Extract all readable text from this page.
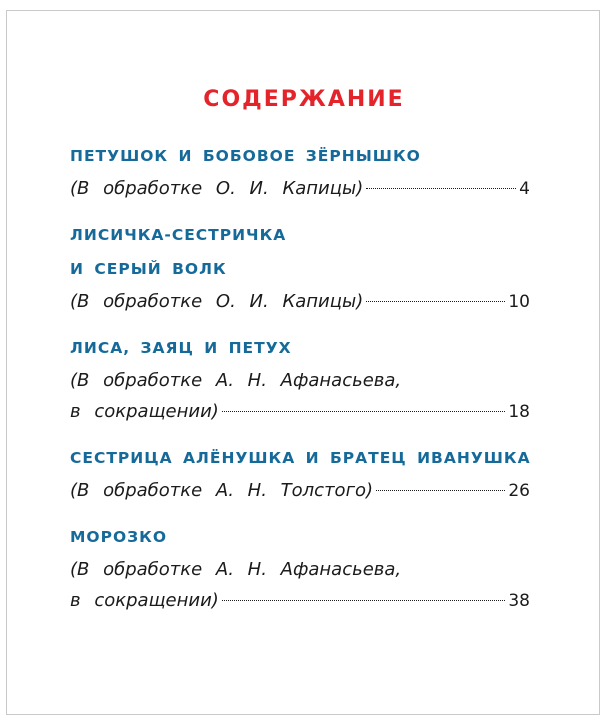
СОДЕРЖАНИЕ
ПЕТУШОК И БОБОВОЕ ЗЁРНЫШКО
(В обработке О. И. Капицы)	4
ЛИСИЧКА-СЕСТРИЧКА
И СЕРЫЙ ВОЛК
(В обработке О. И. Капицы)	10
ЛИСА, ЗАЯЦ И ПЕТУХ
(В обработке А. Н. Афанасьева,
в сокращении)	18
СЕСТРИЦА АЛЁНУШКА И БРАТЕЦ ИВАНУШКА
(В обработке А. Н. Толстого)	26
МОРОЗКО
(В обработке А. Н. Афанасьева,
в сокращении)	38
